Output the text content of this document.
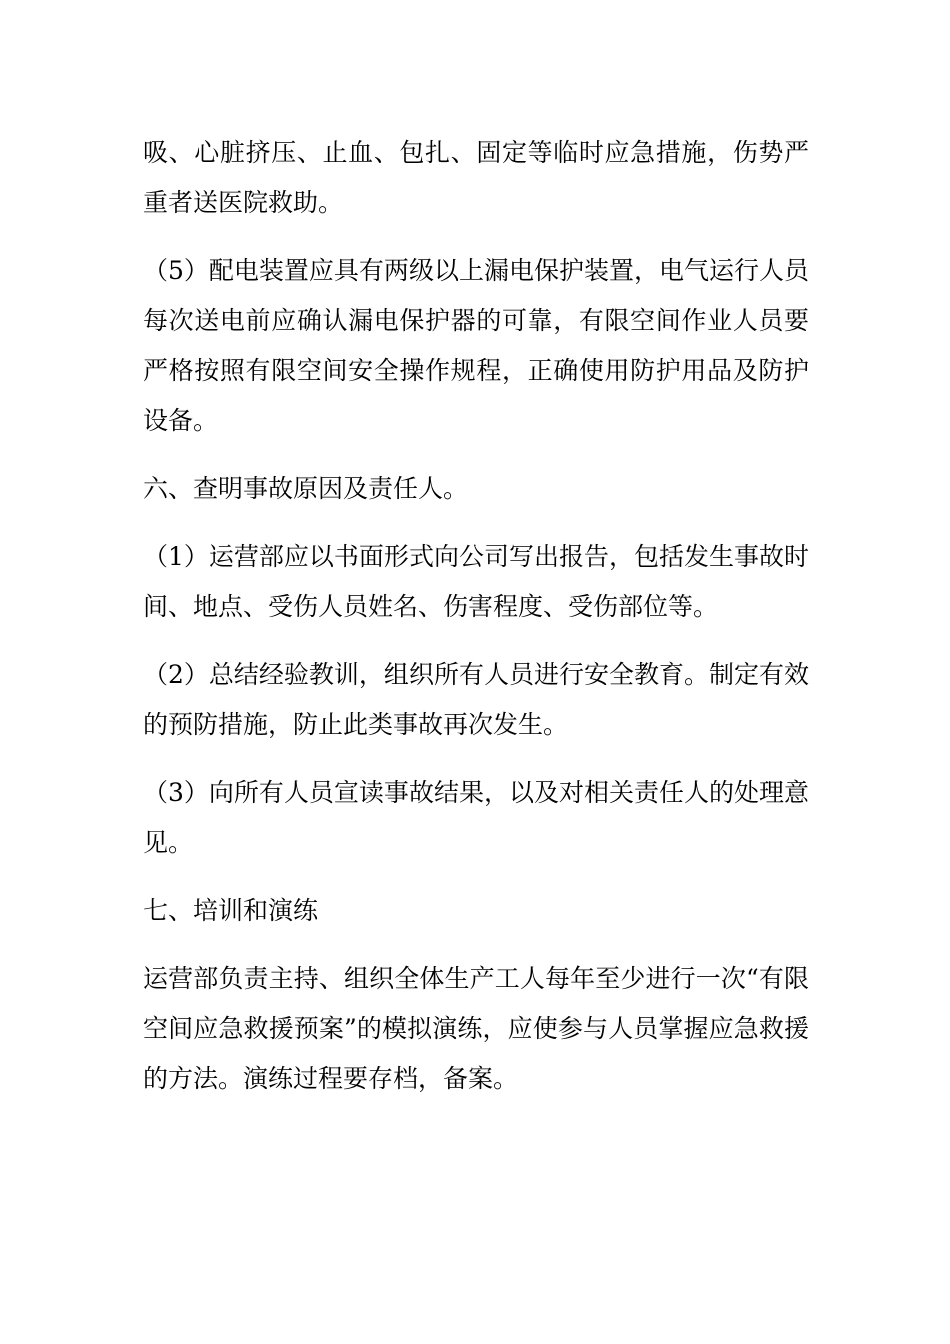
吸、心脏挤压、止血、包扎、固定等临时应急措施，伤势严重者送医院救助。

（5）配电装置应具有两级以上漏电保护装置，电气运行人员每次送电前应确认漏电保护器的可靠，有限空间作业人员要严格按照有限空间安全操作规程，正确使用防护用品及防护设备。

六、查明事故原因及责任人。

（1）运营部应以书面形式向公司写出报告，包括发生事故时间、地点、受伤人员姓名、伤害程度、受伤部位等。

（2）总结经验教训，组织所有人员进行安全教育。制定有效的预防措施，防止此类事故再次发生。

（3）向所有人员宣读事故结果，以及对相关责任人的处理意见。

七、培训和演练

运营部负责主持、组织全体生产工人每年至少进行一次“有限空间应急救援预案”的模拟演练，应使参与人员掌握应急救援的方法。演练过程要存档，备案。
